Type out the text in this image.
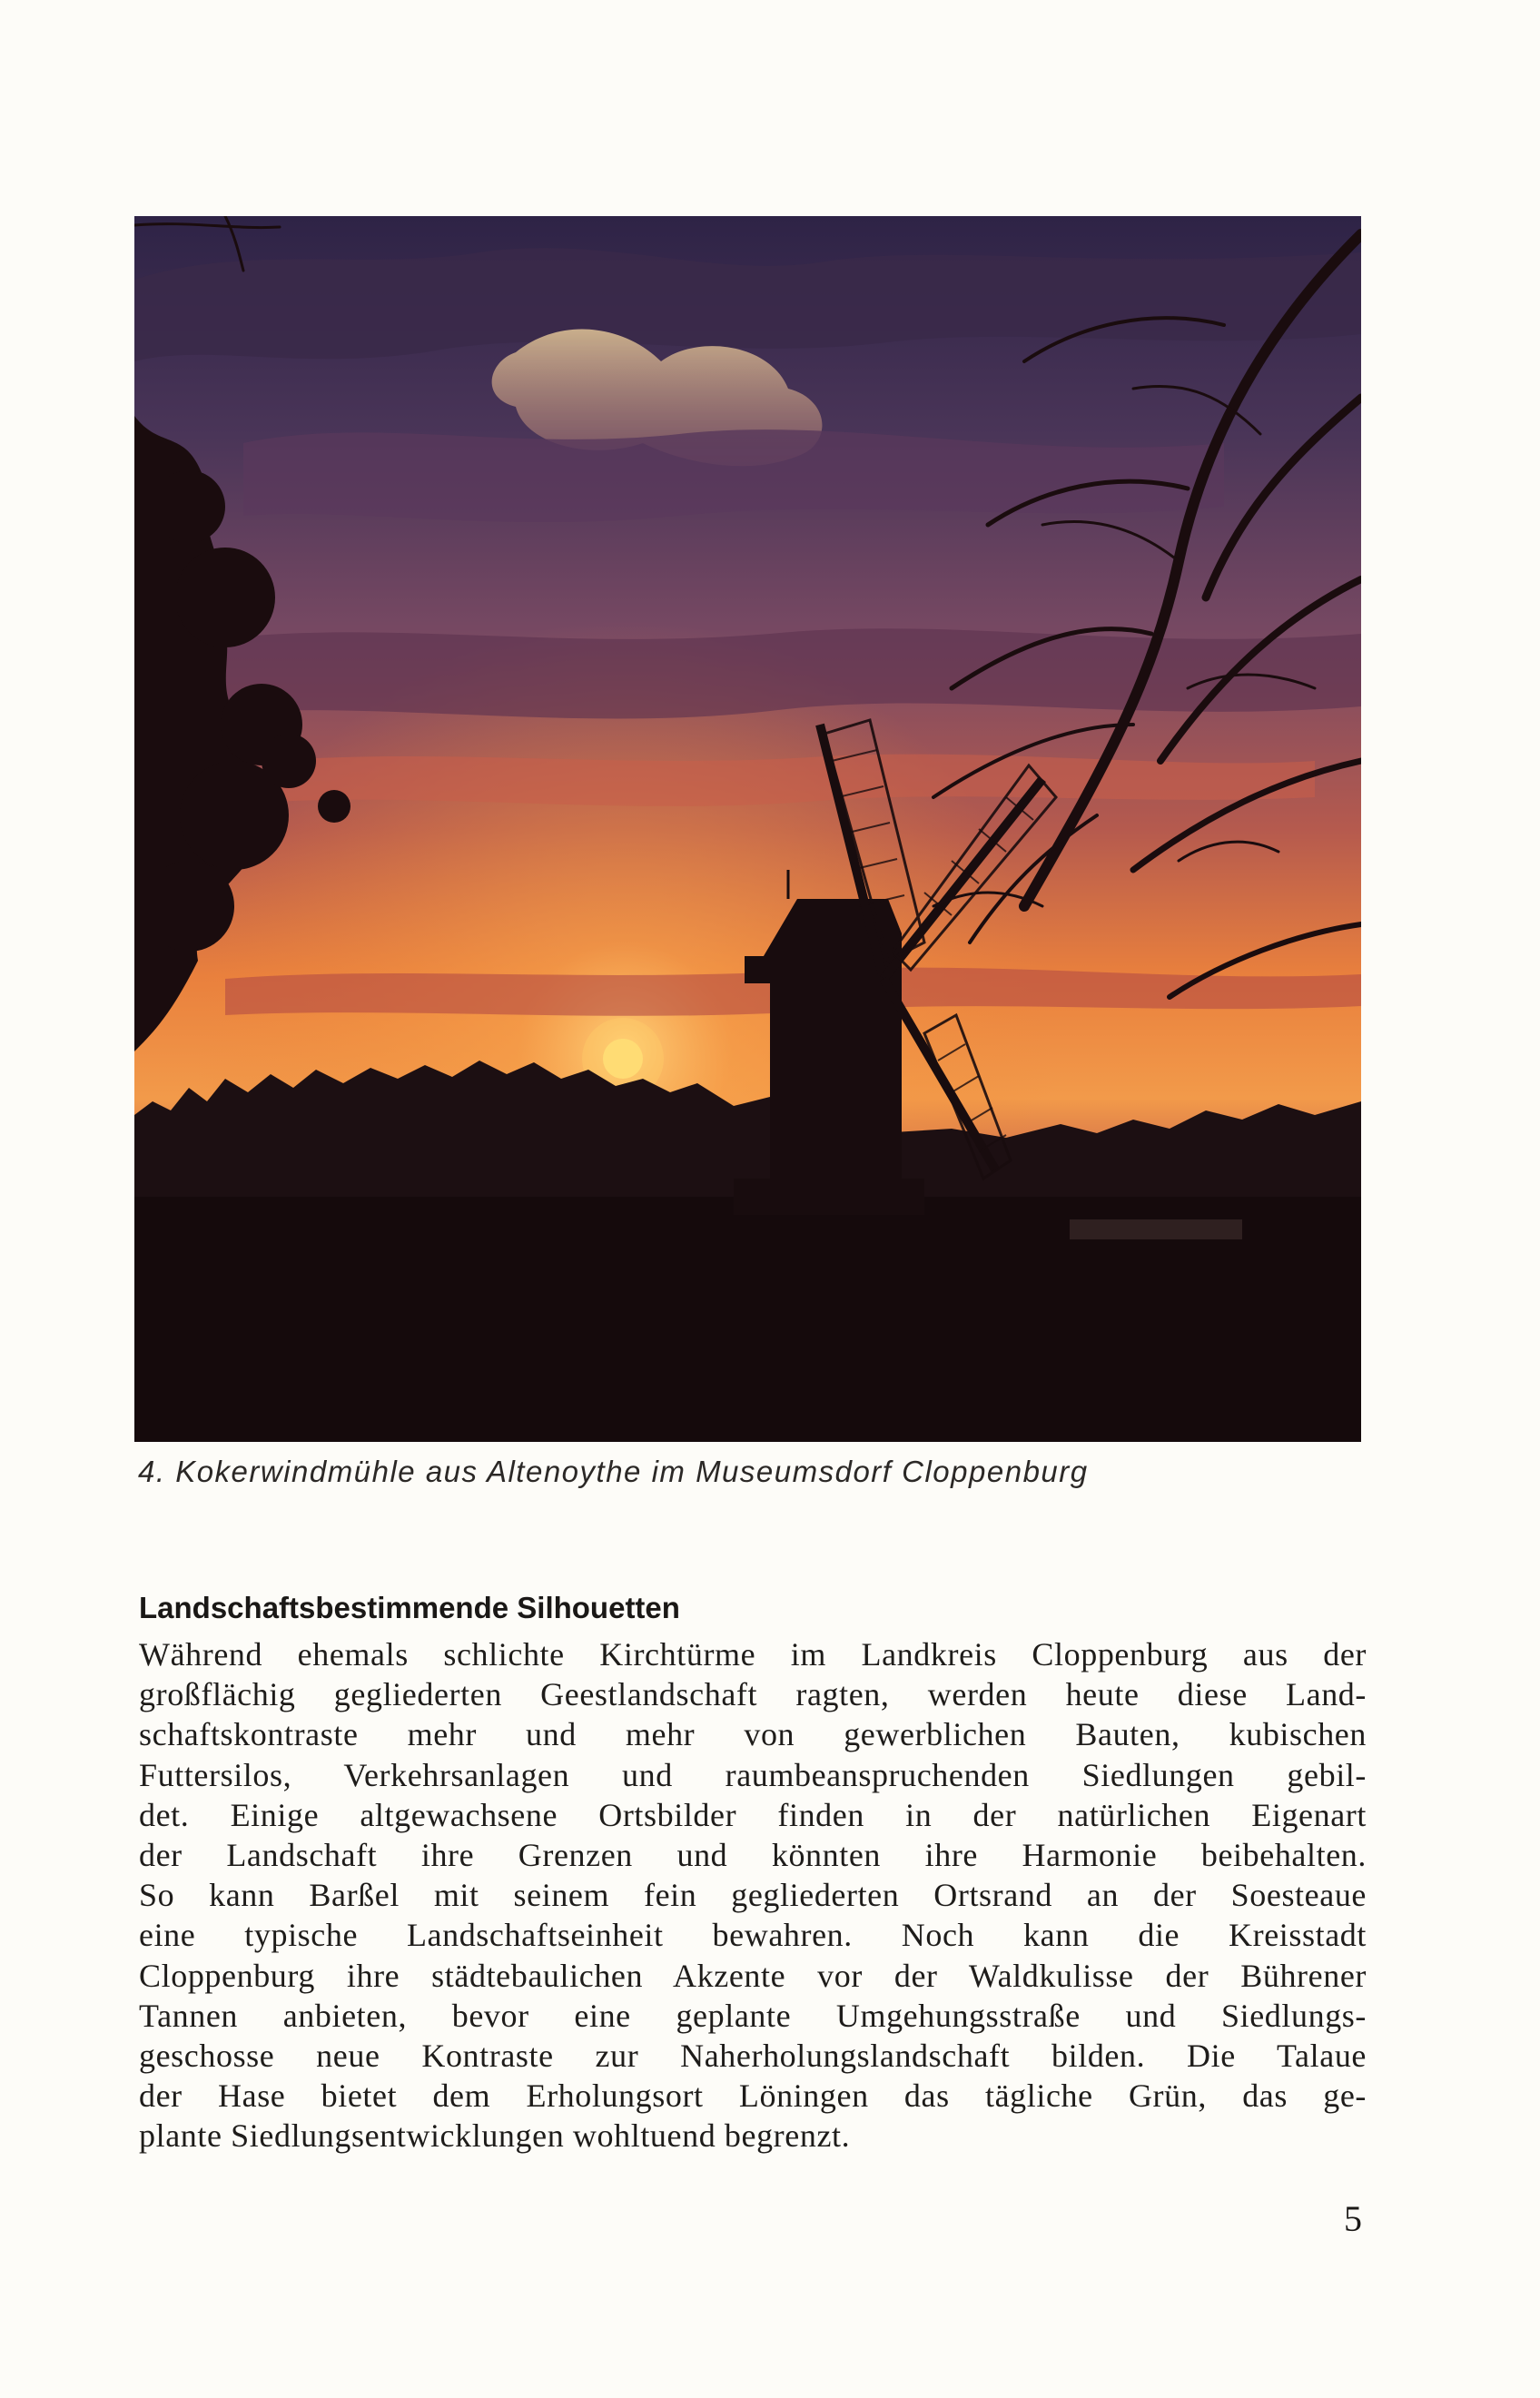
4. Kokerwindmühle aus Altenoythe im Museumsdorf Cloppenburg
Landschaftsbestimmende Silhouetten
Während ehemals schlichte Kirchtürme im Landkreis Cloppenburg aus der
großflächig gegliederten Geestlandschaft ragten, werden heute diese Land-
schaftskontraste mehr und mehr von gewerblichen Bauten, kubischen
Futtersilos, Verkehrsanlagen und raumbeanspruchenden Siedlungen gebil-
det. Einige altgewachsene Ortsbilder finden in der natürlichen Eigenart
der Landschaft ihre Grenzen und könnten ihre Harmonie beibehalten.
So kann Barßel mit seinem fein gegliederten Ortsrand an der Soesteaue
eine typische Landschaftseinheit bewahren. Noch kann die Kreisstadt
Cloppenburg ihre städtebaulichen Akzente vor der Waldkulisse der Bührener
Tannen anbieten, bevor eine geplante Umgehungsstraße und Siedlungs-
geschosse neue Kontraste zur Naherholungslandschaft bilden. Die Talaue
der Hase bietet dem Erholungsort Löningen das tägliche Grün, das ge-
plante Siedlungsentwicklungen wohltuend begrenzt.
5
